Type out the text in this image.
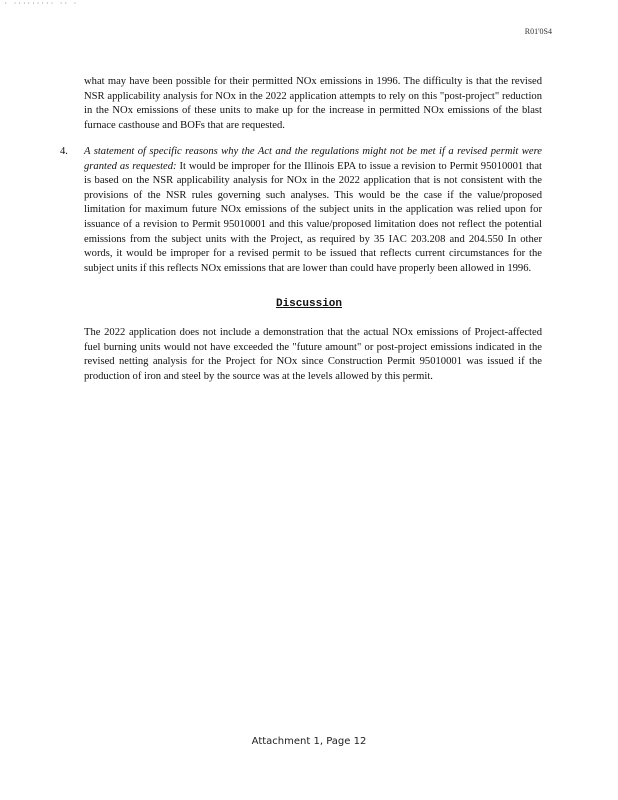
· ········· ·· ·
R01'0S4

what may have been possible for their permitted NOx emissions in 1996. The difficulty is that the revised NSR applicability analysis for NOx in the 2022 application attempts to rely on this "post-project" reduction in the NOx emissions of these units to make up for the increase in permitted NOx emissions of the blast furnace casthouse and BOFs that are requested.

4.	A statement of specific reasons why the Act and the regulations might not be met if a revised permit were granted as requested: It would be improper for the Illinois EPA to issue a revision to Permit 95010001 that is based on the NSR applicability analysis for NOx in the 2022 application that is not consistent with the provisions of the NSR rules governing such analyses. This would be the case if the value/proposed limitation for maximum future NOx emissions of the subject units in the application was relied upon for issuance of a revision to Permit 95010001 and this value/proposed limitation does not reflect the potential emissions from the subject units with the Project, as required by 35 IAC 203.208 and 204.550 In other words, it would be improper for a revised permit to be issued that reflects current circumstances for the subject units if this reflects NOx emissions that are lower than could have properly been allowed in 1996.

Discussion

The 2022 application does not include a demonstration that the actual NOx emissions of Project-affected fuel burning units would not have exceeded the "future amount" or post-project emissions indicated in the revised netting analysis for the Project for NOx since Construction Permit 95010001 was issued if the production of iron and steel by the source was at the levels allowed by this permit.

Attachment 1, Page 12
